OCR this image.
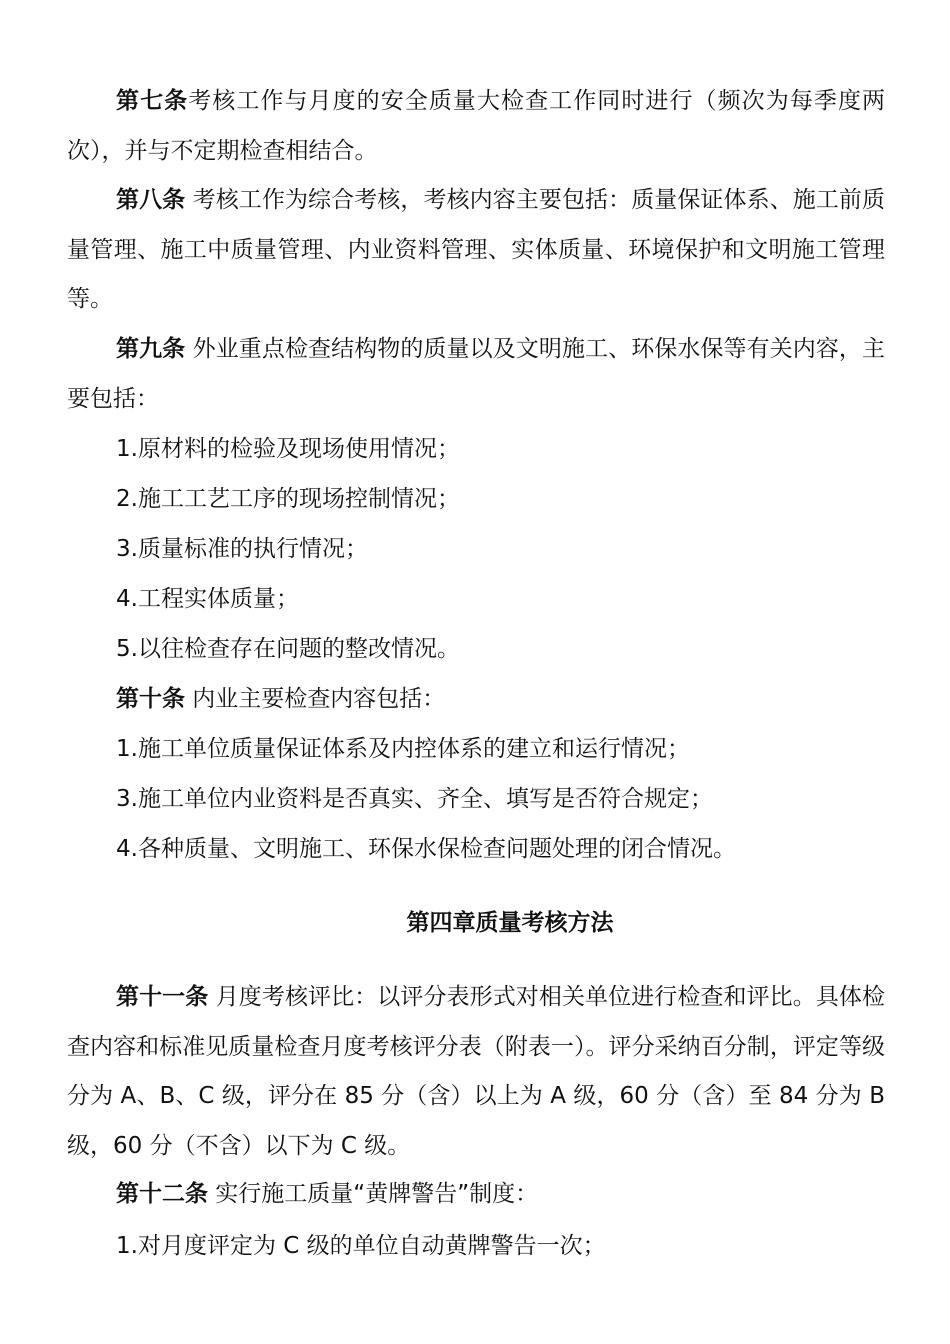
第七条考核工作与月度的安全质量大检查工作同时进行（频次为每季度两次），并与不定期检查相结合。

第八条 考核工作为综合考核，考核内容主要包括：质量保证体系、施工前质量管理、施工中质量管理、内业资料管理、实体质量、环境保护和文明施工管理等。

第九条 外业重点检查结构物的质量以及文明施工、环保水保等有关内容，主要包括：

1.原材料的检验及现场使用情况；

2.施工工艺工序的现场控制情况；

3.质量标准的执行情况；

4.工程实体质量；

5.以往检查存在问题的整改情况。

第十条 内业主要检查内容包括：

1.施工单位质量保证体系及内控体系的建立和运行情况；

3.施工单位内业资料是否真实、齐全、填写是否符合规定；

4.各种质量、文明施工、环保水保检查问题处理的闭合情况。

第四章质量考核方法

第十一条 月度考核评比：以评分表形式对相关单位进行检查和评比。具体检查内容和标准见质量检查月度考核评分表（附表一）。评分采纳百分制，评定等级分为 A、B、C 级，评分在 85 分（含）以上为 A 级，60 分（含）至 84 分为 B 级，60 分（不含）以下为 C 级。

第十二条 实行施工质量“黄牌警告”制度：

1.对月度评定为 C 级的单位自动黄牌警告一次；
